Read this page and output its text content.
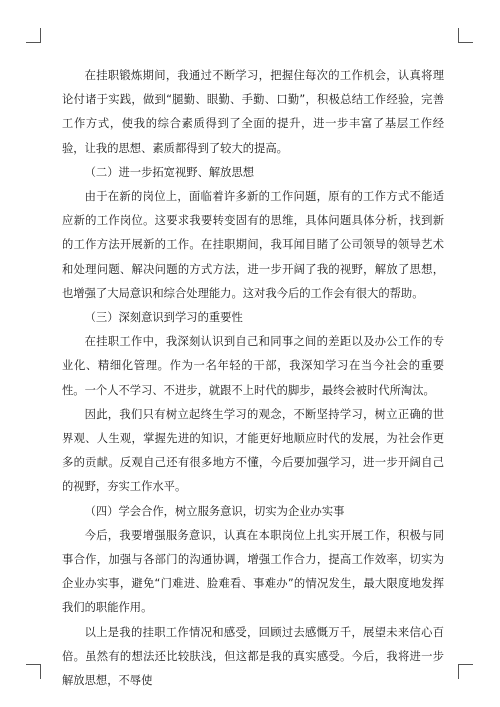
在挂职锻炼期间，我通过不断学习，把握住每次的工作机会，认真将理论付诸于实践，做到“腿勤、眼勤、手勤、口勤”，积极总结工作经验，完善工作方式，使我的综合素质得到了全面的提升，进一步丰富了基层工作经验，让我的思想、素质都得到了较大的提高。

（二）进一步拓宽视野、解放思想

由于在新的岗位上，面临着许多新的工作问题，原有的工作方式不能适应新的工作岗位。这要求我要转变固有的思维，具体问题具体分析，找到新的工作方法开展新的工作。在挂职期间，我耳闻目睹了公司领导的领导艺术和处理问题、解决问题的方式方法，进一步开阔了我的视野，解放了思想，也增强了大局意识和综合处理能力。这对我今后的工作会有很大的帮助。

（三）深刻意识到学习的重要性

在挂职工作中，我深刻认识到自己和同事之间的差距以及办公工作的专业化、精细化管理。作为一名年轻的干部，我深知学习在当今社会的重要性。一个人不学习、不进步，就跟不上时代的脚步，最终会被时代所淘汰。

因此，我们只有树立起终生学习的观念，不断坚持学习，树立正确的世界观、人生观，掌握先进的知识，才能更好地顺应时代的发展，为社会作更多的贡献。反观自己还有很多地方不懂，今后要加强学习，进一步开阔自己的视野，夯实工作水平。

（四）学会合作，树立服务意识，切实为企业办实事

今后，我要增强服务意识，认真在本职岗位上扎实开展工作，积极与同事合作，加强与各部门的沟通协调，增强工作合力，提高工作效率，切实为企业办实事，避免“门难进、脸难看、事难办”的情况发生，最大限度地发挥我们的职能作用。

以上是我的挂职工作情况和感受，回顾过去感慨万千，展望未来信心百倍。虽然有的想法还比较肤浅，但这都是我的真实感受。今后，我将进一步解放思想，不辱使
